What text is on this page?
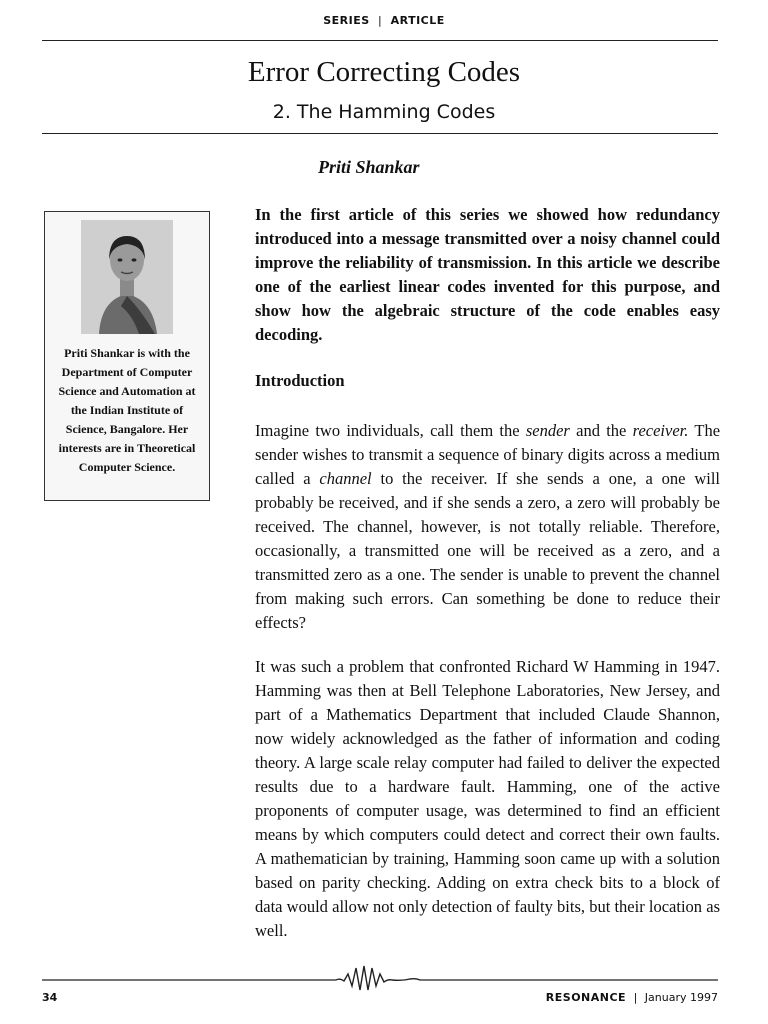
SERIES | ARTICLE
Error Correcting Codes
2. The Hamming Codes
Priti Shankar
Priti Shankar is with the Department of Computer Science and Automation at the Indian Institute of Science, Bangalore. Her interests are in Theoretical Computer Science.

In the first article of this series we showed how redundancy introduced into a message transmitted over a noisy channel could improve the reliability of transmission. In this article we describe one of the earliest linear codes invented for this purpose, and show how the algebraic structure of the code enables easy decoding.

Introduction

Imagine two individuals, call them the sender and the receiver. The sender wishes to transmit a sequence of binary digits across a medium called a channel to the receiver. If she sends a one, a one will probably be received, and if she sends a zero, a zero will probably be received. The channel, however, is not totally reliable. Therefore, occasionally, a transmitted one will be received as a zero, and a transmitted zero as a one. The sender is unable to prevent the channel from making such errors. Can something be done to reduce their effects?

It was such a problem that confronted Richard W Hamming in 1947. Hamming was then at Bell Telephone Laboratories, New Jersey, and part of a Mathematics Department that included Claude Shannon, now widely acknowledged as the father of information and coding theory. A large scale relay computer had failed to deliver the expected results due to a hardware fault. Hamming, one of the active proponents of computer usage, was determined to find an efficient means by which computers could detect and correct their own faults. A mathematician by training, Hamming soon came up with a solution based on parity checking. Adding on extra check bits to a block of data would allow not only detection of faulty bits, but their location as well.

34	RESONANCE | January 1997
